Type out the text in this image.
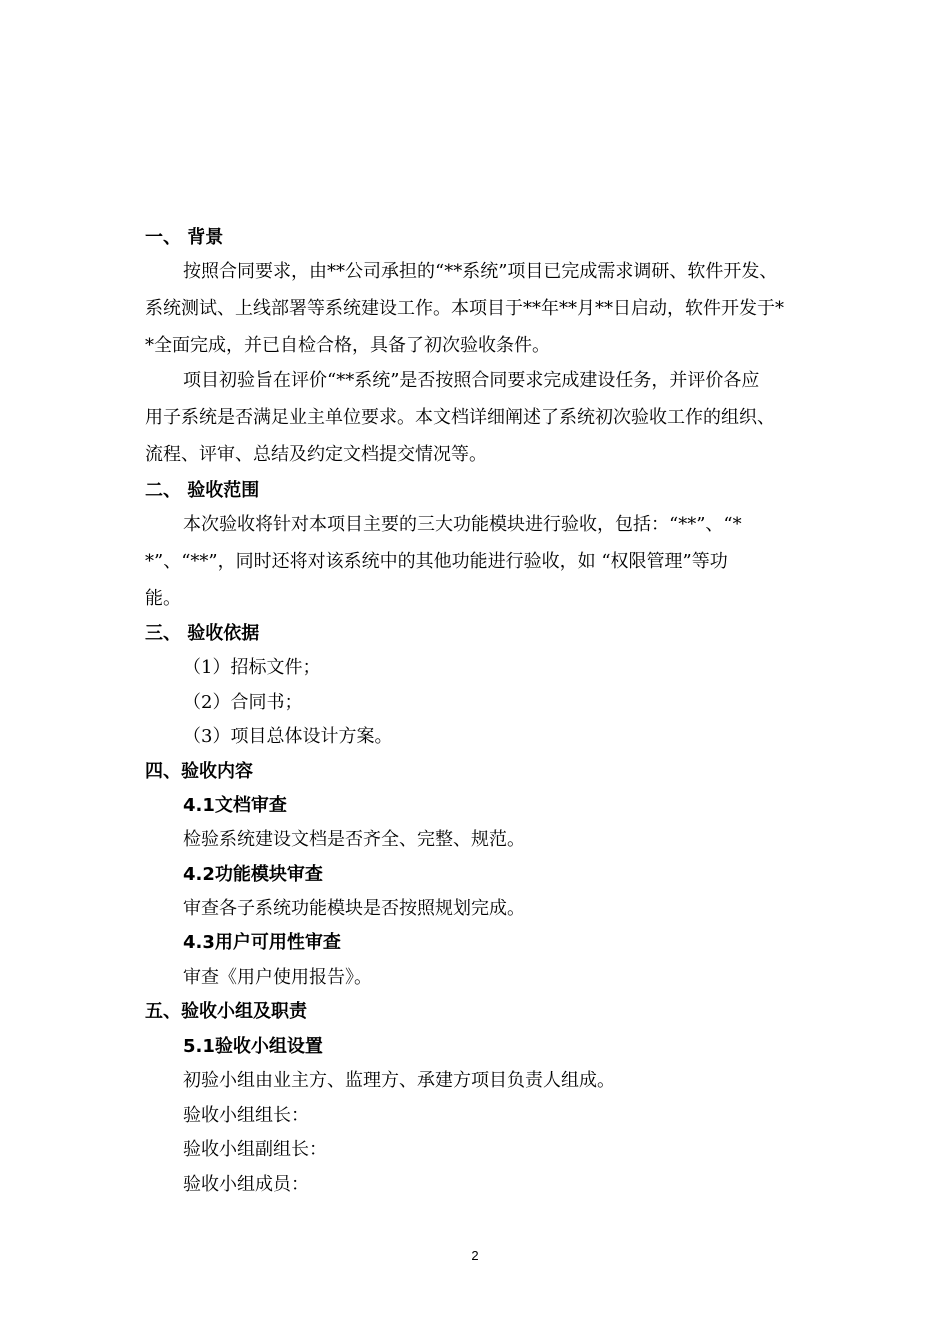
一、 背景
按照合同要求，由**公司承担的“**系统”项目已完成需求调研、软件开发、
系统测试、上线部署等系统建设工作。本项目于**年**月**日启动，软件开发于*
*全面完成，并已自检合格，具备了初次验收条件。
项目初验旨在评价“**系统”是否按照合同要求完成建设任务，并评价各应
用子系统是否满足业主单位要求。本文档详细阐述了系统初次验收工作的组织、
流程、评审、总结及约定文档提交情况等。
二、 验收范围
本次验收将针对本项目主要的三大功能模块进行验收，包括：“**”、“*
*”、“**”，同时还将对该系统中的其他功能进行验收，如 “权限管理”等功
能。
三、 验收依据
（1）招标文件；
（2）合同书；
（3）项目总体设计方案。
四、验收内容
4.1文档审查
检验系统建设文档是否齐全、完整、规范。
4.2功能模块审查
审查各子系统功能模块是否按照规划完成。
4.3用户可用性审查
审查《用户使用报告》。
五、验收小组及职责
5.1验收小组设置
初验小组由业主方、监理方、承建方项目负责人组成。
验收小组组长：
验收小组副组长：
验收小组成员：
2
